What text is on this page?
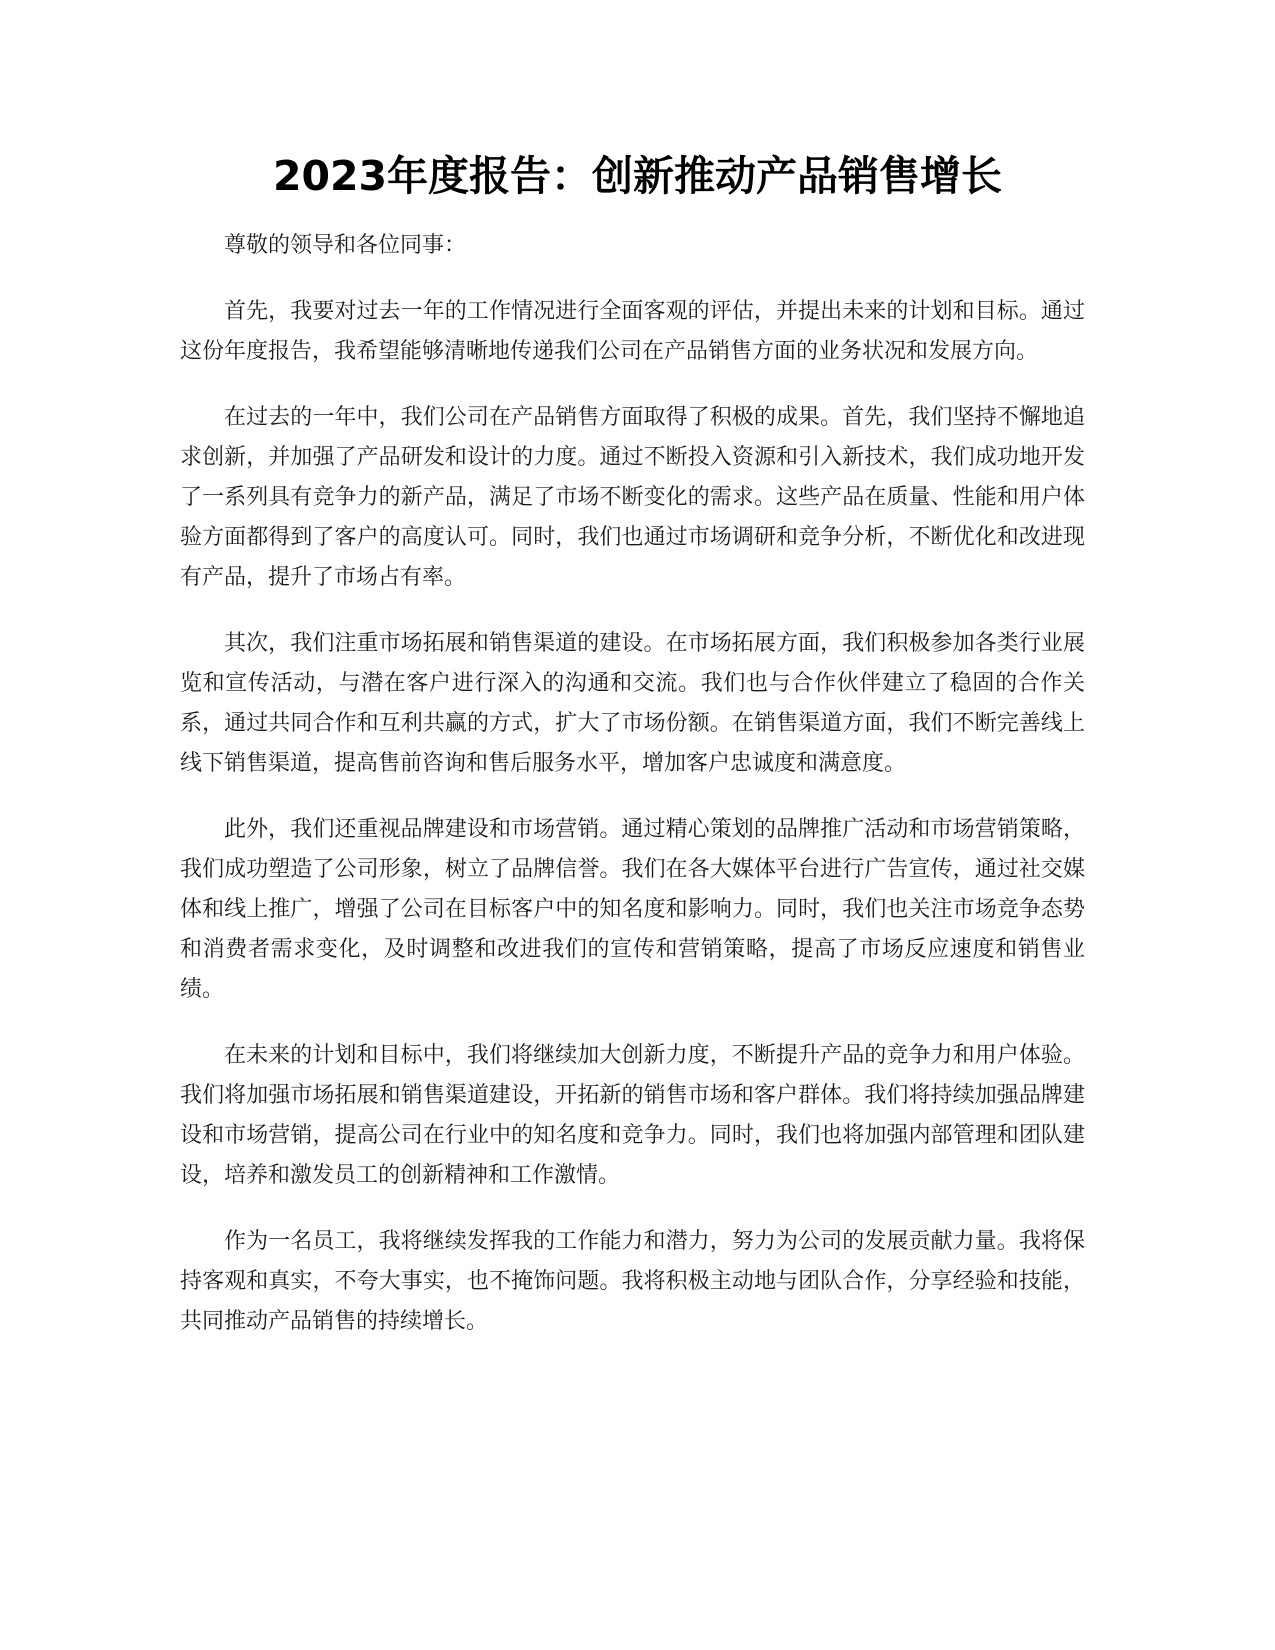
2023年度报告：创新推动产品销售增长

尊敬的领导和各位同事：

首先，我要对过去一年的工作情况进行全面客观的评估，并提出未来的计划和目标。通过这份年度报告，我希望能够清晰地传递我们公司在产品销售方面的业务状况和发展方向。

在过去的一年中，我们公司在产品销售方面取得了积极的成果。首先，我们坚持不懈地追求创新，并加强了产品研发和设计的力度。通过不断投入资源和引入新技术，我们成功地开发了一系列具有竞争力的新产品，满足了市场不断变化的需求。这些产品在质量、性能和用户体验方面都得到了客户的高度认可。同时，我们也通过市场调研和竞争分析，不断优化和改进现有产品，提升了市场占有率。

其次，我们注重市场拓展和销售渠道的建设。在市场拓展方面，我们积极参加各类行业展览和宣传活动，与潜在客户进行深入的沟通和交流。我们也与合作伙伴建立了稳固的合作关系，通过共同合作和互利共赢的方式，扩大了市场份额。在销售渠道方面，我们不断完善线上线下销售渠道，提高售前咨询和售后服务水平，增加客户忠诚度和满意度。

此外，我们还重视品牌建设和市场营销。通过精心策划的品牌推广活动和市场营销策略，我们成功塑造了公司形象，树立了品牌信誉。我们在各大媒体平台进行广告宣传，通过社交媒体和线上推广，增强了公司在目标客户中的知名度和影响力。同时，我们也关注市场竞争态势和消费者需求变化，及时调整和改进我们的宣传和营销策略，提高了市场反应速度和销售业绩。

在未来的计划和目标中，我们将继续加大创新力度，不断提升产品的竞争力和用户体验。我们将加强市场拓展和销售渠道建设，开拓新的销售市场和客户群体。我们将持续加强品牌建设和市场营销，提高公司在行业中的知名度和竞争力。同时，我们也将加强内部管理和团队建设，培养和激发员工的创新精神和工作激情。

作为一名员工，我将继续发挥我的工作能力和潜力，努力为公司的发展贡献力量。我将保持客观和真实，不夸大事实，也不掩饰问题。我将积极主动地与团队合作，分享经验和技能，共同推动产品销售的持续增长。
